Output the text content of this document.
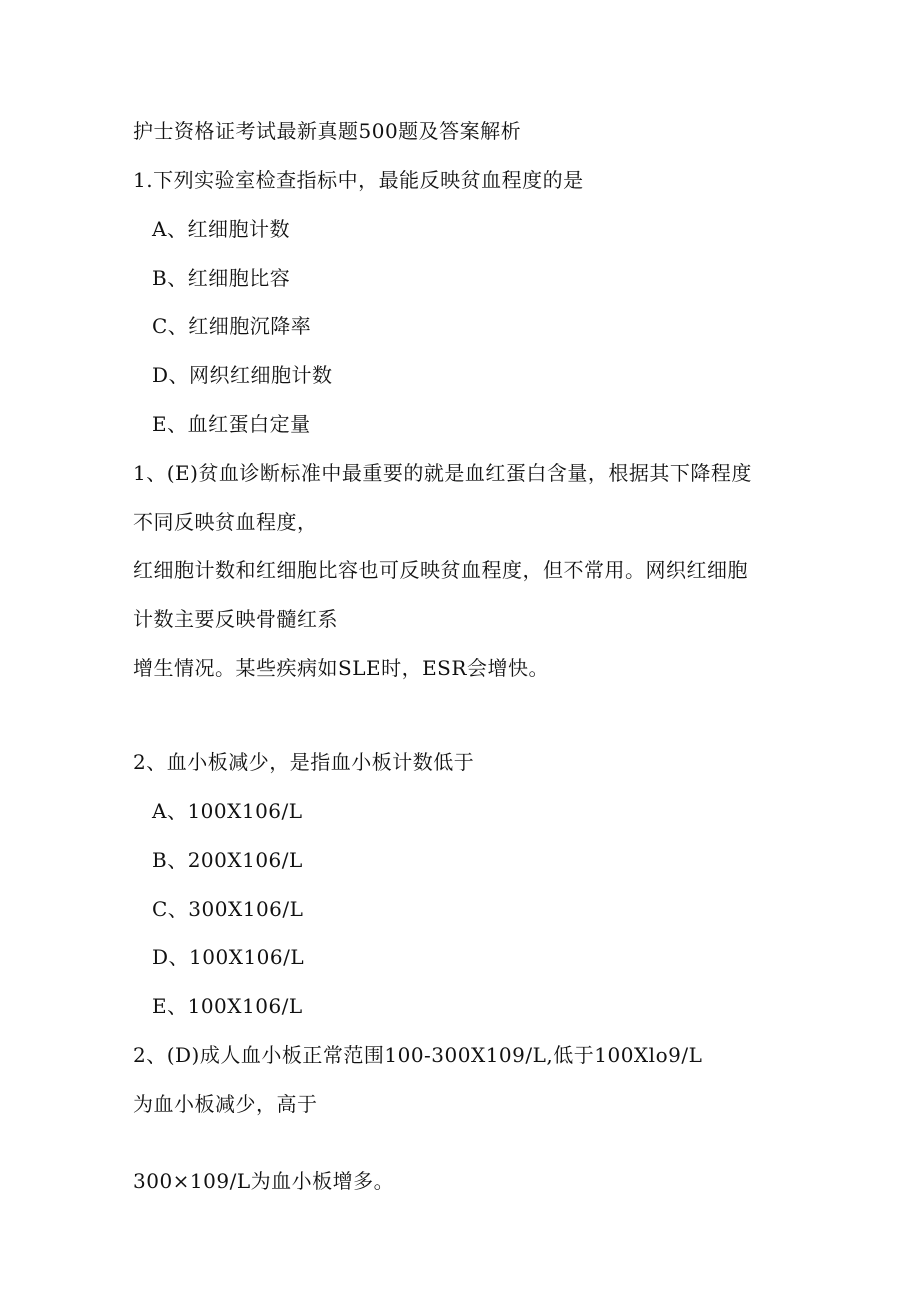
护士资格证考试最新真题500题及答案解析
1.下列实验室检查指标中，最能反映贫血程度的是
A、红细胞计数
B、红细胞比容
C、红细胞沉降率
D、网织红细胞计数
E、血红蛋白定量
1、(E)贫血诊断标准中最重要的就是血红蛋白含量，根据其下降程度
不同反映贫血程度，
红细胞计数和红细胞比容也可反映贫血程度，但不常用。网织红细胞
计数主要反映骨髓红系
增生情况。某些疾病如SLE时，ESR会增快。
2、血小板减少，是指血小板计数低于
A、100X106/L
B、200X106/L
C、300X106/L
D、100X106/L
E、100X106/L
2、(D)成人血小板正常范围100-300X109/L,低于100Xlo9/L
为血小板减少，高于
300×109/L为血小板增多。
